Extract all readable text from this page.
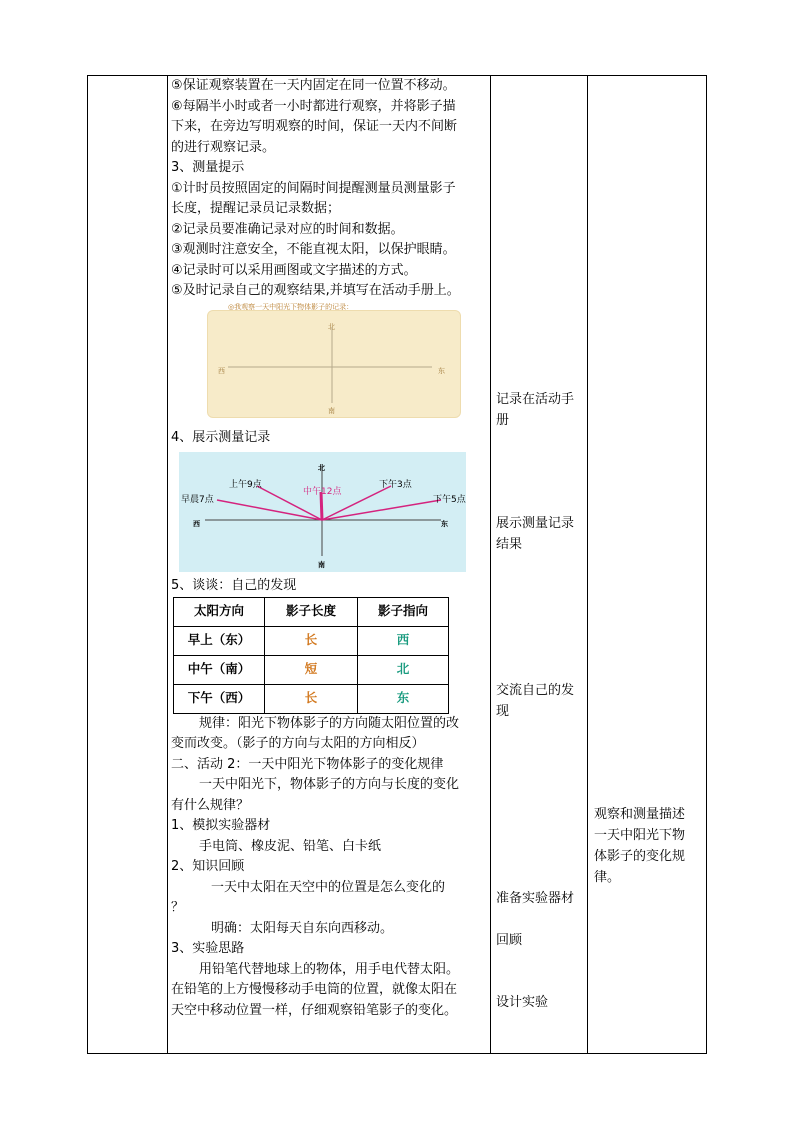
⑤保证观察装置在一天内固定在同一位置不移动。

⑥每隔半小时或者一小时都进行观察，并将影子描

下来，在旁边写明观察的时间，保证一天内不间断

的进行观察记录。

3、测量提示

①计时员按照固定的间隔时间提醒测量员测量影子

长度，提醒记录员记录数据；

②记录员要准确记录对应的时间和数据。

③观测时注意安全，不能直视太阳，以保护眼睛。

④记录时可以采用画图或文字描述的方式。

⑤及时记录自己的观察结果,并填写在活动手册上。

◎我观察一天中阳光下物体影子的记录：
北
南
西	东

4、展示测量记录

北
南
西	东
早晨7点
上午9点
中午12点
下午3点
下午5点

5、谈谈：自己的发现

太阳方向	影子长度	影子指向
早上（东）	长	西
中午（南）	短	北
下午（西）	长	东

规律：阳光下物体影子的方向随太阳位置的改

变而改变。（影子的方向与太阳的方向相反）

二、活动 2：一天中阳光下物体影子的变化规律

一天中阳光下，物体影子的方向与长度的变化

有什么规律？

1、模拟实验器材

手电筒、橡皮泥、铅笔、白卡纸

2、知识回顾

一天中太阳在天空中的位置是怎么变化的

？

明确：太阳每天自东向西移动。

3、实验思路

用铅笔代替地球上的物体，用手电代替太阳。

在铅笔的上方慢慢移动手电筒的位置，就像太阳在

天空中移动位置一样，仔细观察铅笔影子的变化。

记录在活动手
册
展示测量记录
结果
交流自己的发
现
准备实验器材
回顾
设计实验
观察和测量描述
一天中阳光下物
体影子的变化规
律。
